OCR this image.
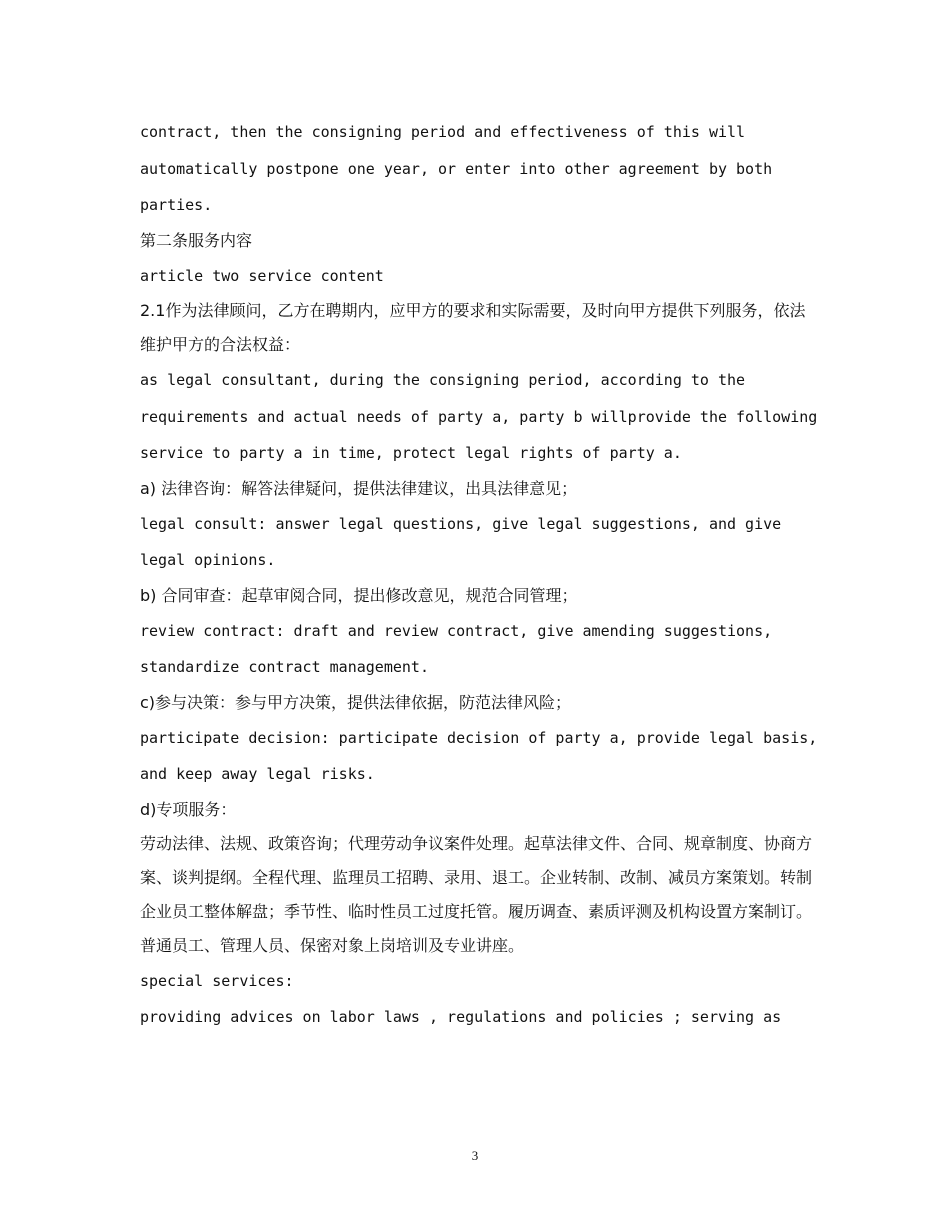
contract, then the consigning period and effectiveness of this will automatically postpone one year, or enter into other agreement by both parties.

第二条服务内容

article two service content

2.1作为法律顾问，乙方在聘期内，应甲方的要求和实际需要，及时向甲方提供下列服务，依法维护甲方的合法权益：

as legal consultant, during the consigning period, according to the requirements and actual needs of party a, party b willprovide the following service to party a in time, protect legal rights of party a.

a) 法律咨询：解答法律疑问，提供法律建议，出具法律意见；

legal consult: answer legal questions, give legal suggestions, and give legal opinions.

b) 合同审查：起草审阅合同，提出修改意见，规范合同管理；

review contract: draft and review contract, give amending suggestions, standardize contract management.

c)参与决策：参与甲方决策，提供法律依据，防范法律风险；

participate decision: participate decision of party a, provide legal basis, and keep away legal risks.

d)专项服务：

劳动法律、法规、政策咨询；代理劳动争议案件处理。起草法律文件、合同、规章制度、协商方案、谈判提纲。全程代理、监理员工招聘、录用、退工。企业转制、改制、减员方案策划。转制企业员工整体解盘；季节性、临时性员工过度托管。履历调查、素质评测及机构设置方案制订。普通员工、管理人员、保密对象上岗培训及专业讲座。

special services:

providing advices on labor laws , regulations and policies ; serving as

3
